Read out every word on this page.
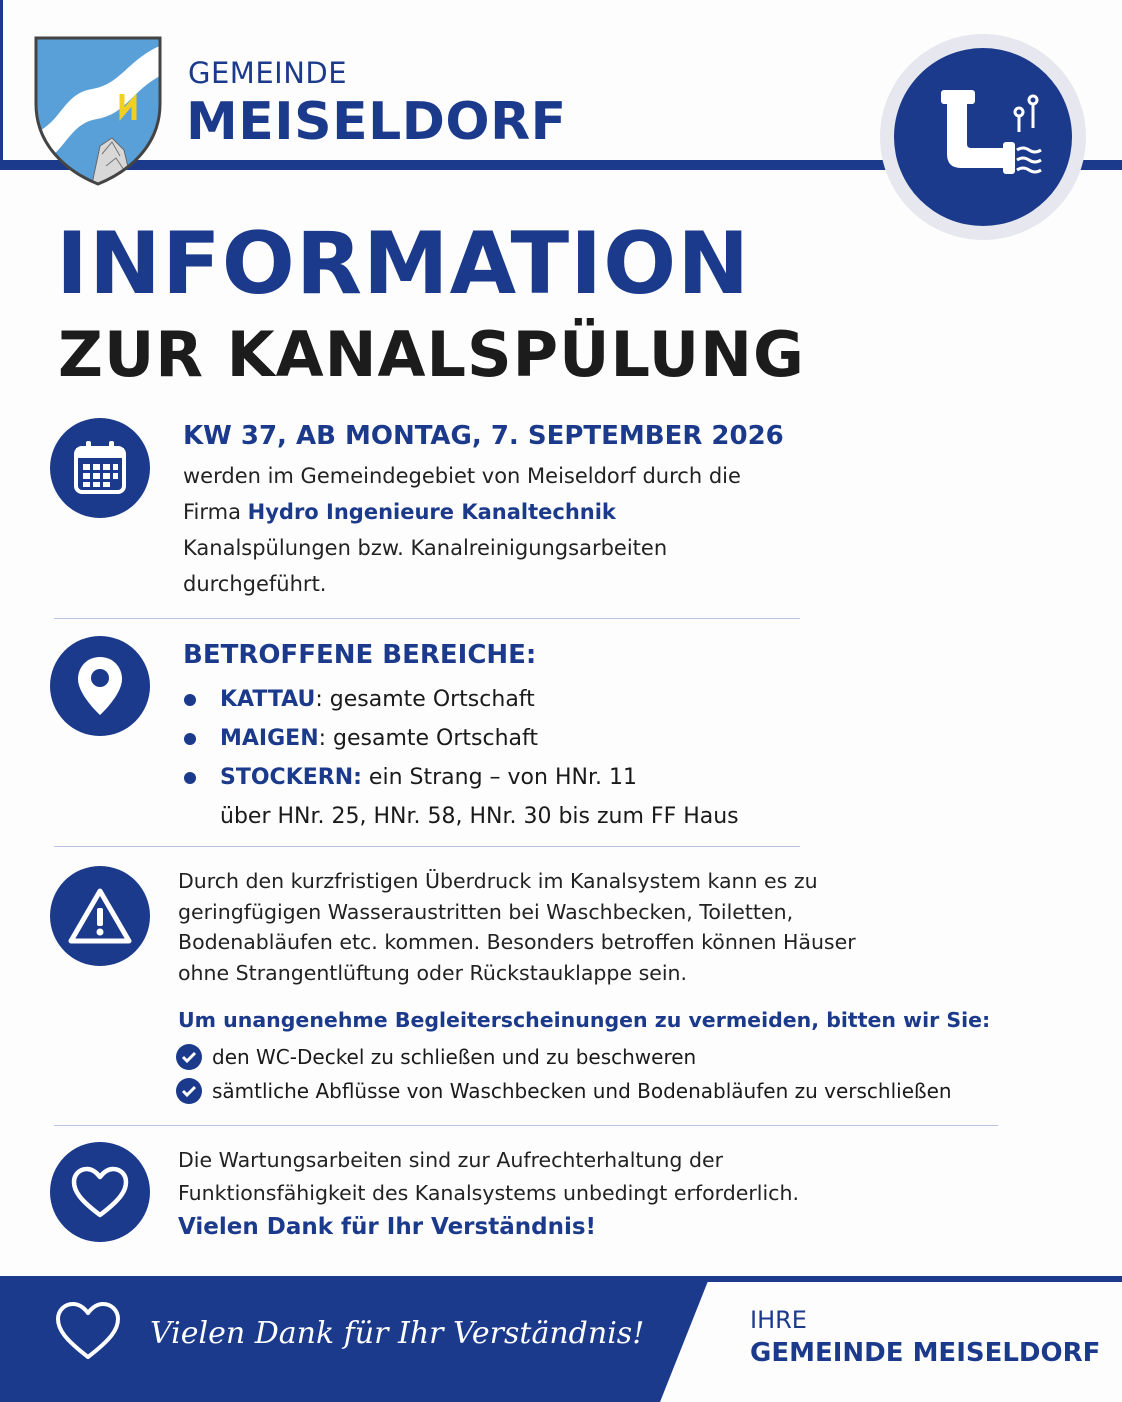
GEMEINDE
MEISELDORF
INFORMATION
ZUR KANALSPÜLUNG
KW 37, AB MONTAG, 7. SEPTEMBER 2026
werden im Gemeindegebiet von Meiseldorf durch die
Firma Hydro Ingenieure Kanaltechnik
Kanalspülungen bzw. Kanalreinigungsarbeiten
durchgeführt.
BETROFFENE BEREICHE:
KATTAU: gesamte Ortschaft
MAIGEN: gesamte Ortschaft
STOCKERN: ein Strang – von HNr. 11
über HNr. 25, HNr. 58, HNr. 30 bis zum FF Haus
Durch den kurzfristigen Überdruck im Kanalsystem kann es zu
geringfügigen Wasseraustritten bei Waschbecken, Toiletten,
Bodenabläufen etc. kommen. Besonders betroffen können Häuser
ohne Strangentlüftung oder Rückstauklappe sein.
Um unangenehme Begleiterscheinungen zu vermeiden, bitten wir Sie:
den WC-Deckel zu schließen und zu beschweren
sämtliche Abflüsse von Waschbecken und Bodenabläufen zu verschließen
Die Wartungsarbeiten sind zur Aufrechterhaltung der
Funktionsfähigkeit des Kanalsystems unbedingt erforderlich.
Vielen Dank für Ihr Verständnis!
Vielen Dank für Ihr Verständnis!	IHRE
GEMEINDE MEISELDORF
